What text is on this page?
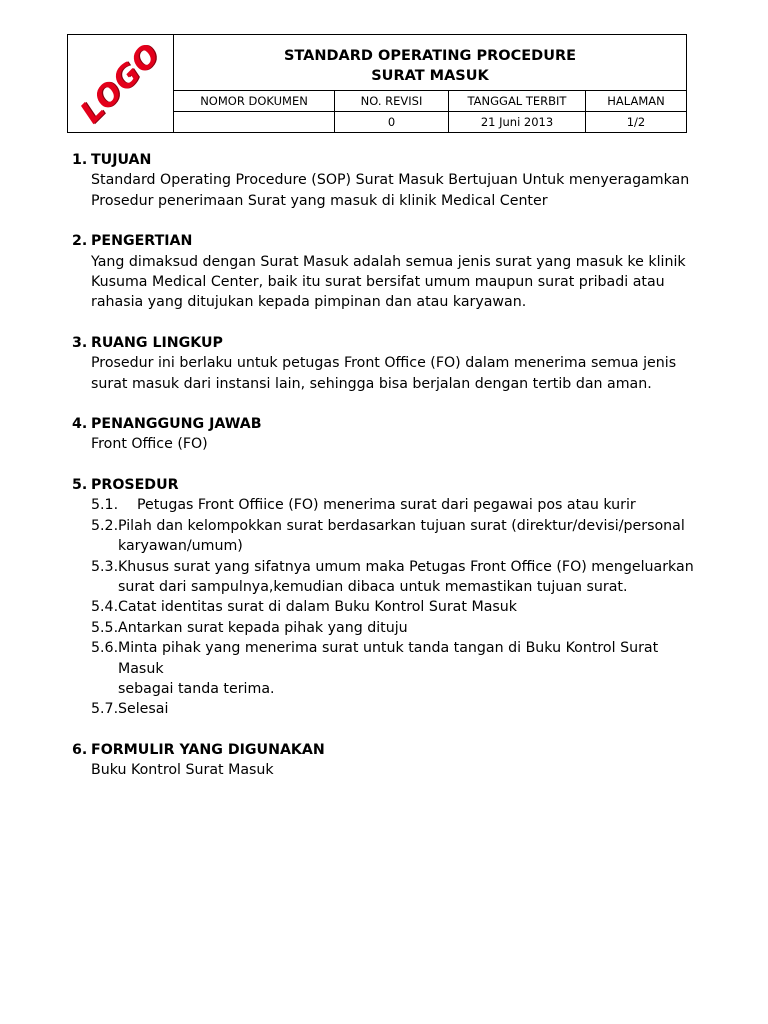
LOGO	STANDARD OPERATING PROCEDURE
SURAT MASUK			

	NOMOR DOKUMEN	NO. REVISI	TANGGAL TERBIT	HALAMAN
		0	21 Juni 2013	1/2
1. TUJUAN
Standard Operating Procedure (SOP) Surat Masuk Bertujuan Untuk menyeragamkan
Prosedur penerimaan Surat yang masuk di klinik Medical Center
2. PENGERTIAN
Yang dimaksud dengan Surat Masuk adalah semua jenis surat yang masuk ke klinik
Kusuma Medical Center, baik itu surat bersifat umum maupun surat pribadi atau
rahasia yang ditujukan kepada pimpinan dan atau karyawan.
3. RUANG LINGKUP
Prosedur ini berlaku untuk petugas Front Office (FO) dalam menerima semua jenis
surat masuk dari instansi lain, sehingga bisa berjalan dengan tertib dan aman.
4. PENANGGUNG JAWAB
Front Office (FO)
5. PROSEDUR
5.1.	Petugas Front Offiice (FO) menerima surat dari pegawai pos atau kurir
5.2. Pilah dan kelompokkan surat berdasarkan tujuan surat (direktur/devisi/personal
karyawan/umum)
5.3. Khusus surat yang sifatnya umum maka Petugas Front Office (FO) mengeluarkan
surat dari sampulnya,kemudian dibaca untuk memastikan tujuan surat.
5.4. Catat identitas surat di dalam Buku Kontrol Surat Masuk
5.5. Antarkan surat kepada pihak yang dituju
5.6. Minta pihak yang menerima surat untuk tanda tangan di Buku Kontrol Surat Masuk
sebagai tanda terima.
5.7. Selesai
6. FORMULIR YANG DIGUNAKAN
Buku Kontrol Surat Masuk
